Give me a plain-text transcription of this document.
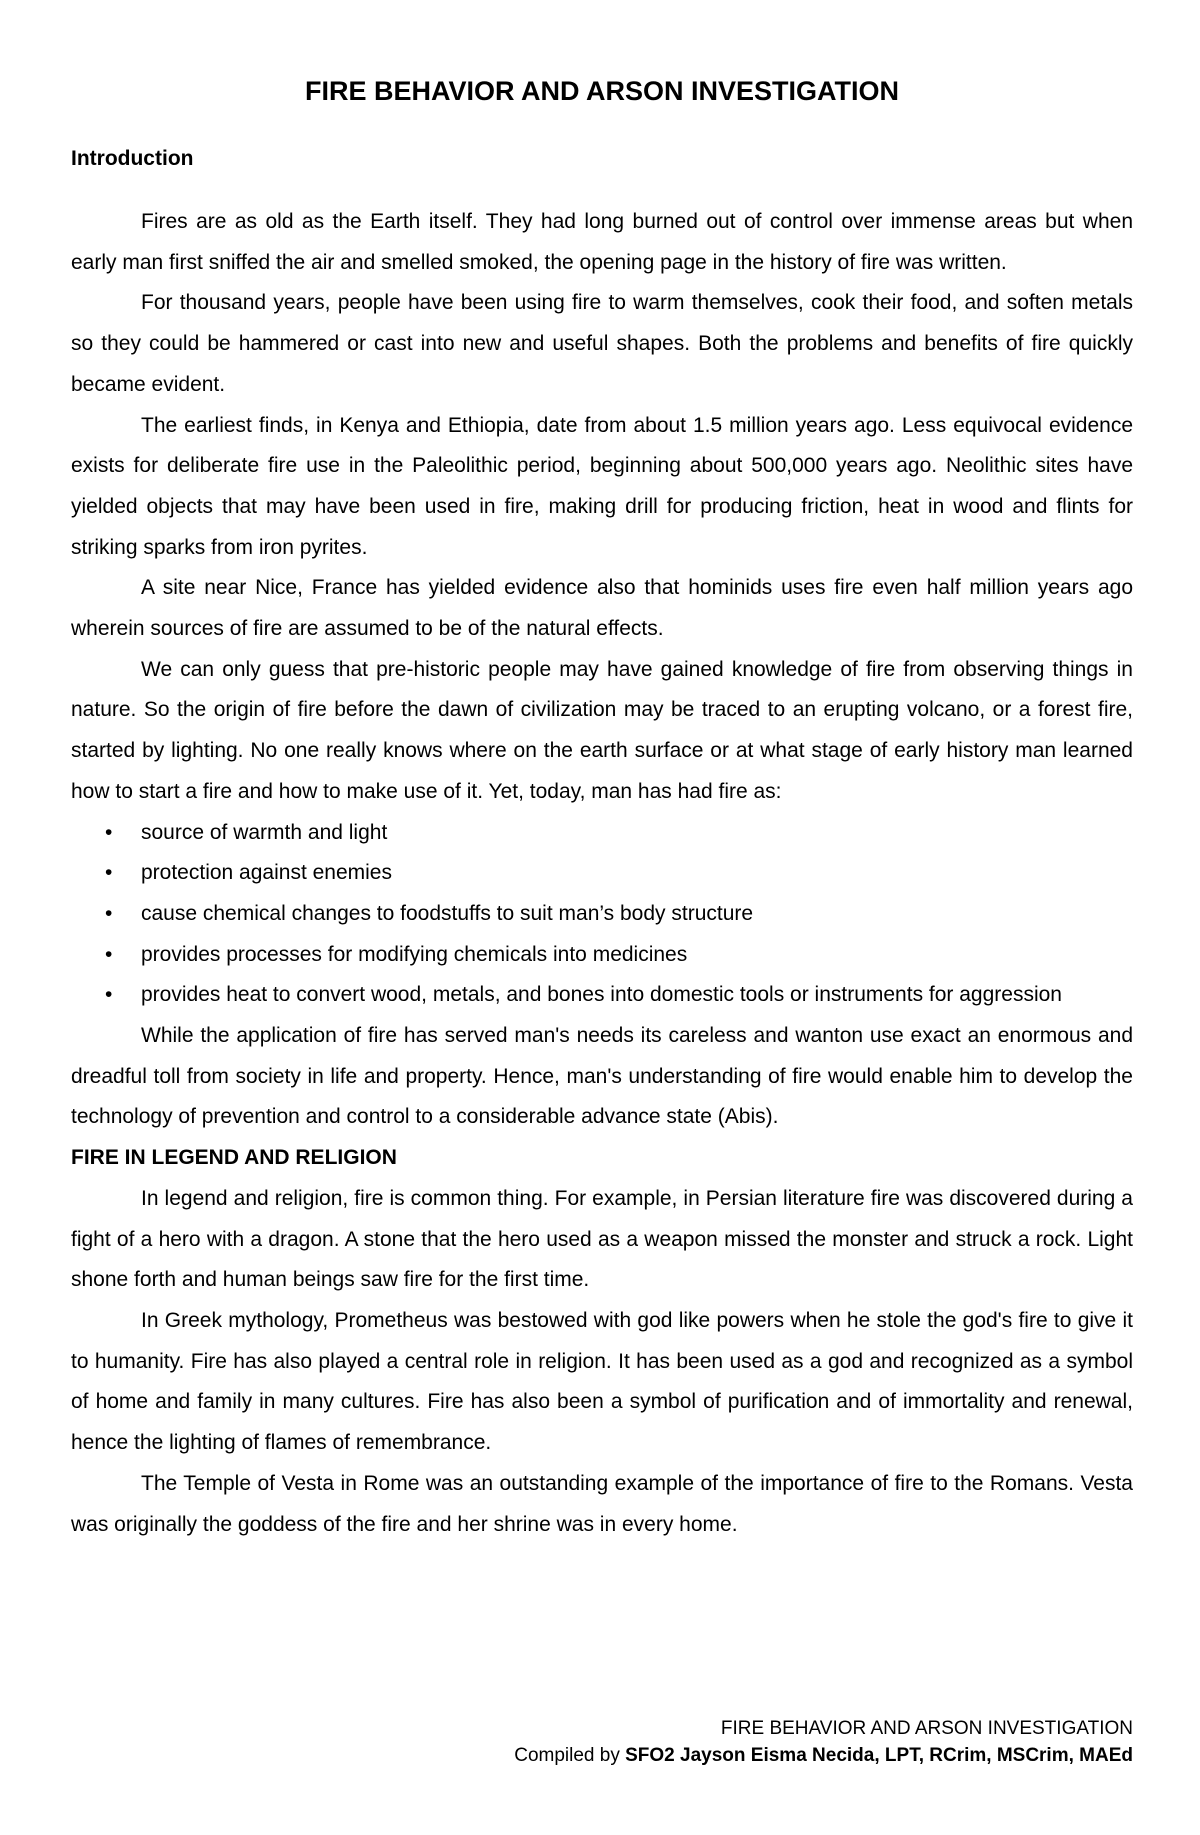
FIRE BEHAVIOR AND ARSON INVESTIGATION
Introduction

Fires are as old as the Earth itself. They had long burned out of control over immense areas but when early man first sniffed the air and smelled smoked, the opening page in the history of fire was written.

For thousand years, people have been using fire to warm themselves, cook their food, and soften metals so they could be hammered or cast into new and useful shapes. Both the problems and benefits of fire quickly became evident.

The earliest finds, in Kenya and Ethiopia, date from about 1.5 million years ago. Less equivocal evidence exists for deliberate fire use in the Paleolithic period, beginning about 500,000 years ago. Neolithic sites have yielded objects that may have been used in fire, making drill for producing friction, heat in wood and flints for striking sparks from iron pyrites.

A site near Nice, France has yielded evidence also that hominids uses fire even half million years ago wherein sources of fire are assumed to be of the natural effects.

We can only guess that pre-historic people may have gained knowledge of fire from observing things in nature. So the origin of fire before the dawn of civilization may be traced to an erupting volcano, or a forest fire, started by lighting. No one really knows where on the earth surface or at what stage of early history man learned how to start a fire and how to make use of it. Yet, today, man has had fire as:

• source of warmth and light
• protection against enemies
• cause chemical changes to foodstuffs to suit man’s body structure
• provides processes for modifying chemicals into medicines
• provides heat to convert wood, metals, and bones into domestic tools or instruments for aggression

While the application of fire has served man's needs its careless and wanton use exact an enormous and dreadful toll from society in life and property. Hence, man's understanding of fire would enable him to develop the technology of prevention and control to a considerable advance state (Abis).

FIRE IN LEGEND AND RELIGION

In legend and religion, fire is common thing. For example, in Persian literature fire was discovered during a fight of a hero with a dragon. A stone that the hero used as a weapon missed the monster and struck a rock. Light shone forth and human beings saw fire for the first time.

In Greek mythology, Prometheus was bestowed with god like powers when he stole the god's fire to give it to humanity. Fire has also played a central role in religion. It has been used as a god and recognized as a symbol of home and family in many cultures. Fire has also been a symbol of purification and of immortality and renewal, hence the lighting of flames of remembrance.

The Temple of Vesta in Rome was an outstanding example of the importance of fire to the Romans. Vesta was originally the goddess of the fire and her shrine was in every home.

FIRE BEHAVIOR AND ARSON INVESTIGATION
Compiled by SFO2 Jayson Eisma Necida, LPT, RCrim, MSCrim, MAEd
